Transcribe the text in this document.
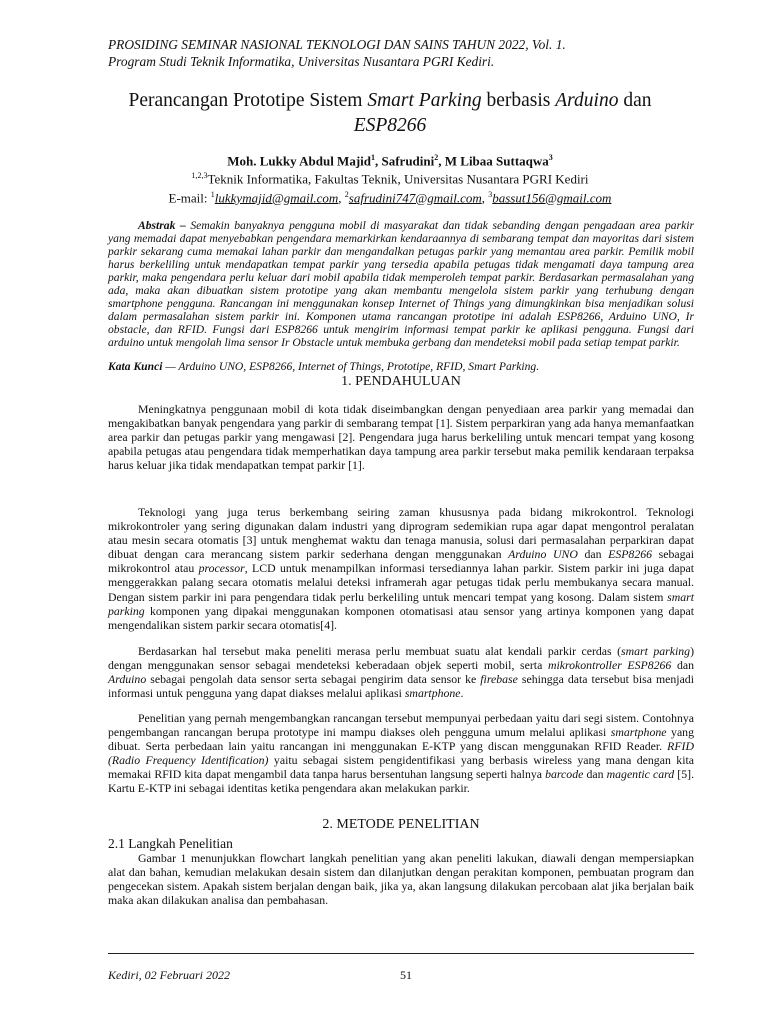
PROSIDING SEMINAR NASIONAL TEKNOLOGI DAN SAINS TAHUN 2022, Vol. 1.
Program Studi Teknik Informatika, Universitas Nusantara PGRI Kediri.
Perancangan Prototipe Sistem Smart Parking berbasis Arduino dan
ESP8266
Moh. Lukky Abdul Majid$^1$, Safrudini$^2$, M Libaa Suttaqwa$^3$
$^{1,2,3}$Teknik Informatika, Fakultas Teknik, Universitas Nusantara PGRI Kediri
E-mail: $^1$lukkymajid@gmail.com, $^2$safrudini747@gmail.com, $^3$bassut156@gmail.com
Abstrak – Semakin banyaknya pengguna mobil di masyarakat dan tidak sebanding dengan pengadaan area parkir yang memadai dapat menyebabkan pengendara memarkirkan kendaraannya di sembarang tempat dan mayoritas dari sistem parkir sekarang cuma memakai lahan parkir dan mengandalkan petugas parkir yang memantau area parkir. Pemilik mobil harus berkeliling untuk mendapatkan tempat parkir yang tersedia apabila petugas tidak mengamati daya tampung area parkir, maka pengendara perlu keluar dari mobil apabila tidak memperoleh tempat parkir. Berdasarkan permasalahan yang ada, maka akan dibuatkan sistem prototipe yang akan membantu mengelola sistem parkir yang terhubung dengan smartphone pengguna. Rancangan ini menggunakan konsep Internet of Things yang dimungkinkan bisa menjadikan solusi dalam permasalahan sistem parkir ini. Komponen utama rancangan prototipe ini adalah ESP8266, Arduino UNO, Ir obstacle, dan RFID. Fungsi dari ESP8266 untuk mengirim informasi tempat parkir ke aplikasi pengguna. Fungsi dari arduino untuk mengolah lima sensor Ir Obstacle untuk membuka gerbang dan mendeteksi mobil pada setiap tempat parkir.
Kata Kunci — Arduino UNO, ESP8266, Internet of Things, Prototipe, RFID, Smart Parking.
1. PENDAHULUAN
Meningkatnya penggunaan mobil di kota tidak diseimbangkan dengan penyediaan area parkir yang memadai dan mengakibatkan banyak pengendara yang parkir di sembarang tempat [1]. Sistem perparkiran yang ada hanya memanfaatkan area parkir dan petugas parkir yang mengawasi [2]. Pengendara juga harus berkeliling untuk mencari tempat yang kosong apabila petugas atau pengendara tidak memperhatikan daya tampung area parkir tersebut maka pemilik kendaraan terpaksa harus keluar jika tidak mendapatkan tempat parkir [1].
Teknologi yang juga terus berkembang seiring zaman khususnya pada bidang mikrokontrol. Teknologi mikrokontroler yang sering digunakan dalam industri yang diprogram sedemikian rupa agar dapat mengontrol peralatan atau mesin secara otomatis [3] untuk menghemat waktu dan tenaga manusia, solusi dari permasalahan perparkiran dapat dibuat dengan cara merancang sistem parkir sederhana dengan menggunakan Arduino UNO dan ESP8266 sebagai mikrokontrol atau processor, LCD untuk menampilkan informasi tersediannya lahan parkir. Sistem parkir ini juga dapat menggerakkan palang secara otomatis melalui deteksi inframerah agar petugas tidak perlu membukanya secara manual. Dengan sistem parkir ini para pengendara tidak perlu berkeliling untuk mencari tempat yang kosong. Dalam sistem smart parking komponen yang dipakai menggunakan komponen otomatisasi atau sensor yang artinya komponen yang dapat mengendalikan sistem parkir secara otomatis[4].
Berdasarkan hal tersebut maka peneliti merasa perlu membuat suatu alat kendali parkir cerdas (smart parking) dengan menggunakan sensor sebagai mendeteksi keberadaan objek seperti mobil, serta mikrokontroller ESP8266 dan Arduino sebagai pengolah data sensor serta sebagai pengirim data sensor ke firebase sehingga data tersebut bisa menjadi informasi untuk pengguna yang dapat diakses melalui aplikasi smartphone.
Penelitian yang pernah mengembangkan rancangan tersebut mempunyai perbedaan yaitu dari segi sistem. Contohnya pengembangan rancangan berupa prototype ini mampu diakses oleh pengguna umum melalui aplikasi smartphone yang dibuat. Serta perbedaan lain yaitu rancangan ini menggunakan E-KTP yang discan menggunakan RFID Reader. RFID (Radio Frequency Identification) yaitu sebagai sistem pengidentifikasi yang berbasis wireless yang mana dengan kita memakai RFID kita dapat mengambil data tanpa harus bersentuhan langsung seperti halnya barcode dan magentic card [5]. Kartu E-KTP ini sebagai identitas ketika pengendara akan melakukan parkir.
2. METODE PENELITIAN
2.1 Langkah Penelitian
Gambar 1 menunjukkan flowchart langkah penelitian yang akan peneliti lakukan, diawali dengan mempersiapkan alat dan bahan, kemudian melakukan desain sistem dan dilanjutkan dengan perakitan komponen, pembuatan program dan pengecekan sistem. Apakah sistem berjalan dengan baik, jika ya, akan langsung dilakukan percobaan alat jika berjalan baik maka akan dilakukan analisa dan pembahasan.
Kediri, 02 Februari 2022	51
